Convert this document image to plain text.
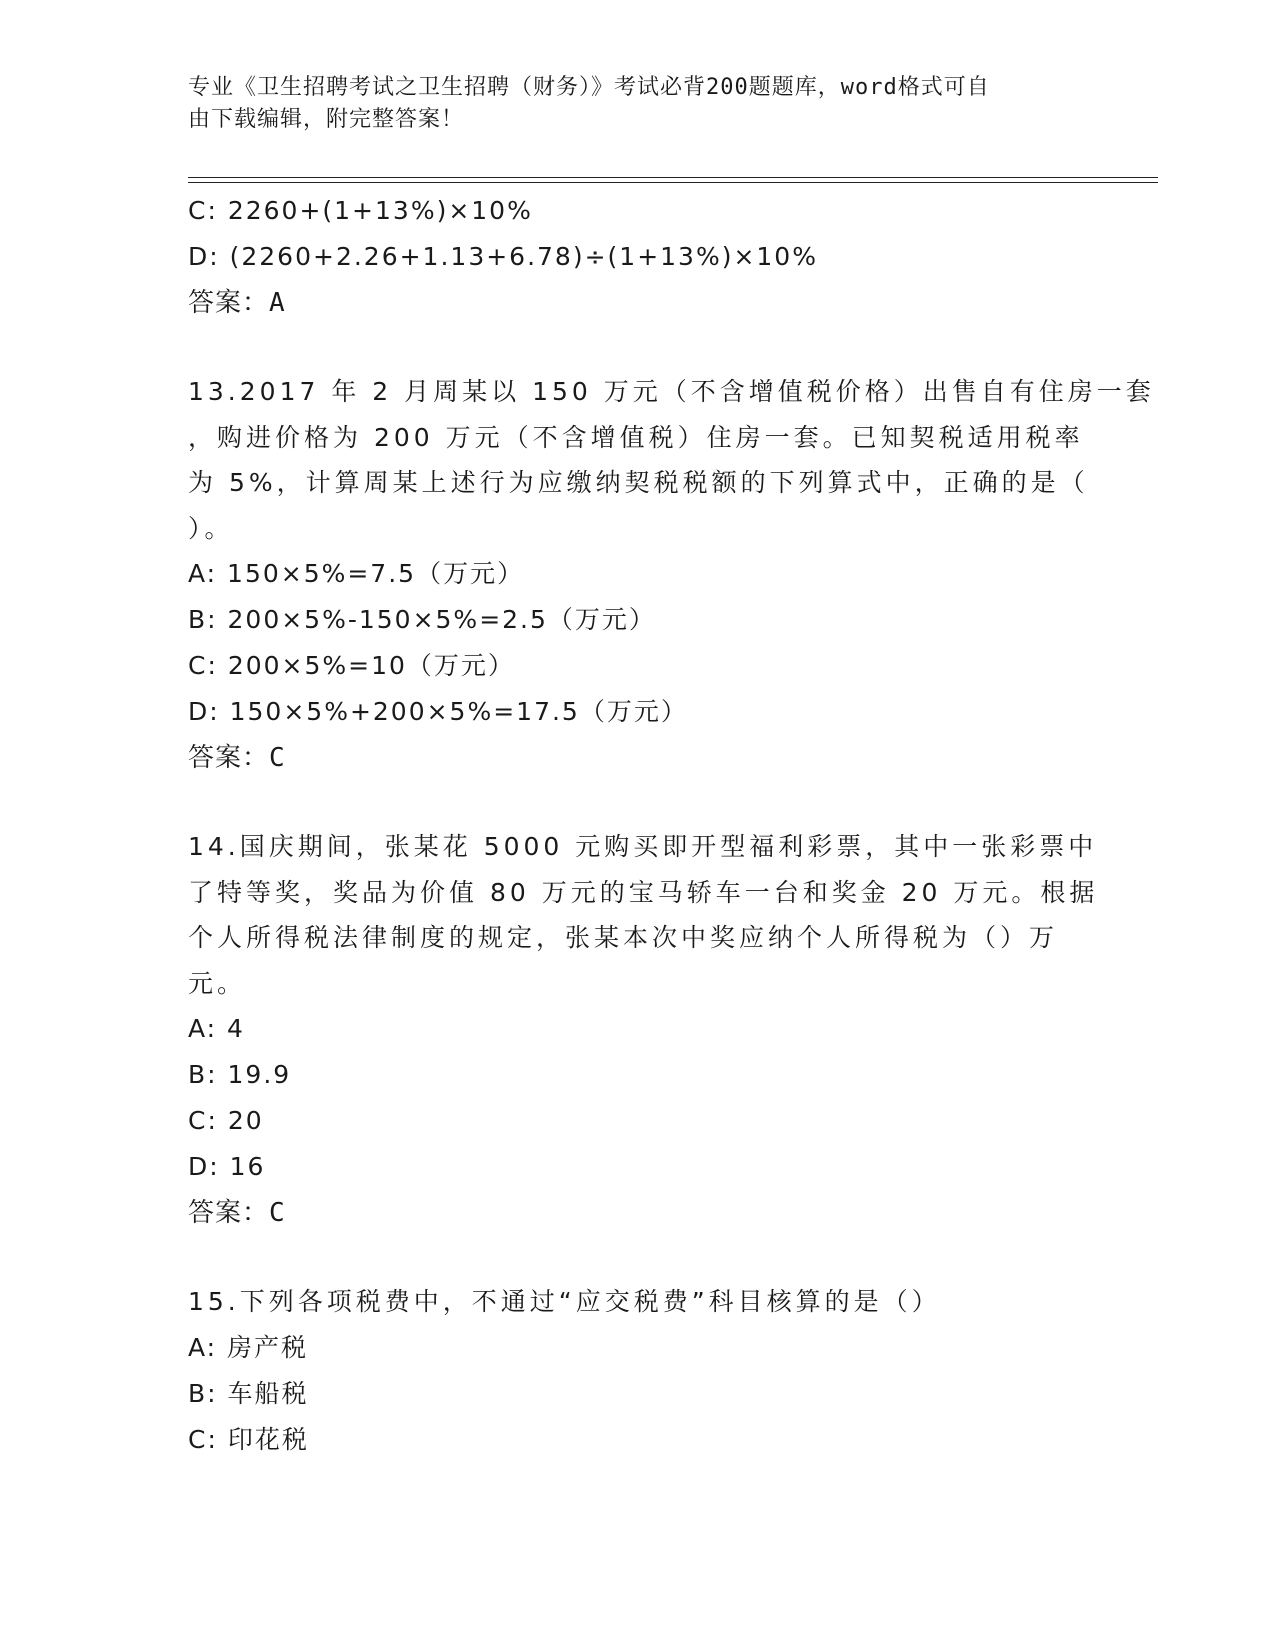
专业《卫生招聘考试之卫生招聘（财务）》考试必背200题题库，word格式可自
由下载编辑，附完整答案！
C: 2260+(1+13%)×10%
D: (2260+2.26+1.13+6.78)÷(1+13%)×10%
答案：A
13.2017 年 2 月周某以 150 万元（不含增值税价格）出售自有住房一套
，购进价格为 200 万元（不含增值税）住房一套。已知契税适用税率
为 5%，计算周某上述行为应缴纳契税税额的下列算式中，正确的是（
）。
A: 150×5%=7.5（万元）
B: 200×5%-150×5%=2.5（万元）
C: 200×5%=10（万元）
D: 150×5%+200×5%=17.5（万元）
答案：C
14.国庆期间，张某花 5000 元购买即开型福利彩票，其中一张彩票中
了特等奖，奖品为价值 80 万元的宝马轿车一台和奖金 20 万元。根据
个人所得税法律制度的规定，张某本次中奖应纳个人所得税为（）万
元。
A: 4
B: 19.9
C: 20
D: 16
答案：C
15.下列各项税费中，不通过“应交税费”科目核算的是（）
A: 房产税
B: 车船税
C: 印花税
